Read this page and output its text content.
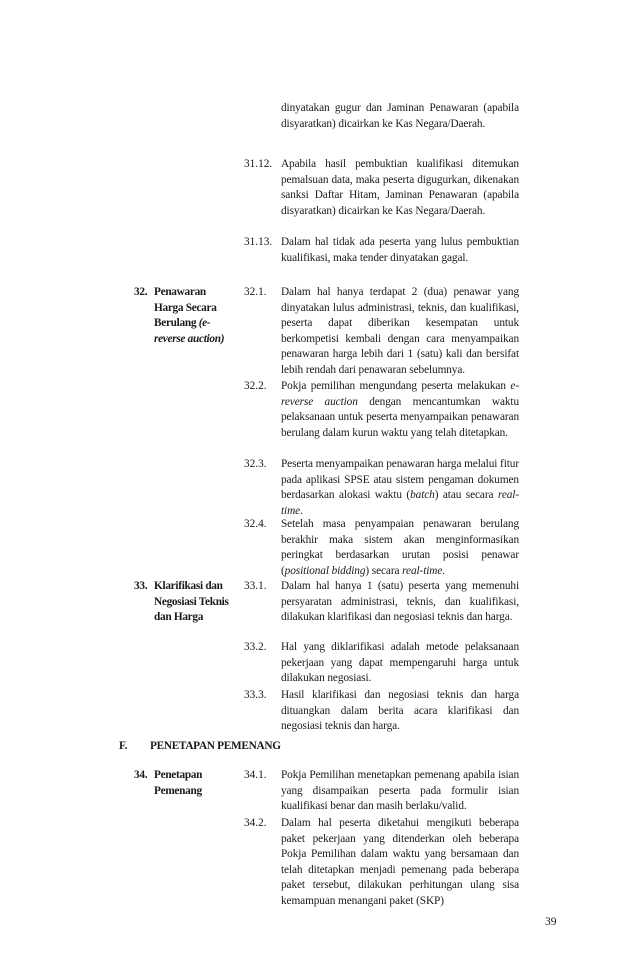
dinyatakan gugur dan Jaminan Penawaran (apabila disyaratkan) dicairkan ke Kas Negara/Daerah.
31.12. Apabila hasil pembuktian kualifikasi ditemukan pemalsuan data, maka peserta digugurkan, dikenakan sanksi Daftar Hitam, Jaminan Penawaran (apabila disyaratkan) dicairkan ke Kas Negara/Daerah.
31.13. Dalam hal tidak ada peserta yang lulus pembuktian kualifikasi, maka tender dinyatakan gagal.
32. Penawaran Harga Secara Berulang (e-reverse auction)
32.1. Dalam hal hanya terdapat 2 (dua) penawar yang dinyatakan lulus administrasi, teknis, dan kualifikasi, peserta dapat diberikan kesempatan untuk berkompetisi kembali dengan cara menyampaikan penawaran harga lebih dari 1 (satu) kali dan bersifat lebih rendah dari penawaran sebelumnya.
32.2. Pokja pemilihan mengundang peserta melakukan e-reverse auction dengan mencantumkan waktu pelaksanaan untuk peserta menyampaikan penawaran berulang dalam kurun waktu yang telah ditetapkan.
32.3. Peserta menyampaikan penawaran harga melalui fitur pada aplikasi SPSE atau sistem pengaman dokumen berdasarkan alokasi waktu (batch) atau secara real-time.
32.4. Setelah masa penyampaian penawaran berulang berakhir maka sistem akan menginformasikan peringkat berdasarkan urutan posisi penawar (positional bidding) secara real-time.
33. Klarifikasi dan Negosiasi Teknis dan Harga
33.1. Dalam hal hanya 1 (satu) peserta yang memenuhi persyaratan administrasi, teknis, dan kualifikasi, dilakukan klarifikasi dan negosiasi teknis dan harga.
33.2. Hal yang diklarifikasi adalah metode pelaksanaan pekerjaan yang dapat mempengaruhi harga untuk dilakukan negosiasi.
33.3. Hasil klarifikasi dan negosiasi teknis dan harga dituangkan dalam berita acara klarifikasi dan negosiasi teknis dan harga.
F. PENETAPAN PEMENANG
34. Penetapan Pemenang
34.1. Pokja Pemilihan menetapkan pemenang apabila isian yang disampaikan peserta pada formulir isian kualifikasi benar dan masih berlaku/valid.
34.2. Dalam hal peserta diketahui mengikuti beberapa paket pekerjaan yang ditenderkan oleh beberapa Pokja Pemilihan dalam waktu yang bersamaan dan telah ditetapkan menjadi pemenang pada beberapa paket tersebut, dilakukan perhitungan ulang sisa kemampuan menangani paket (SKP)
39
